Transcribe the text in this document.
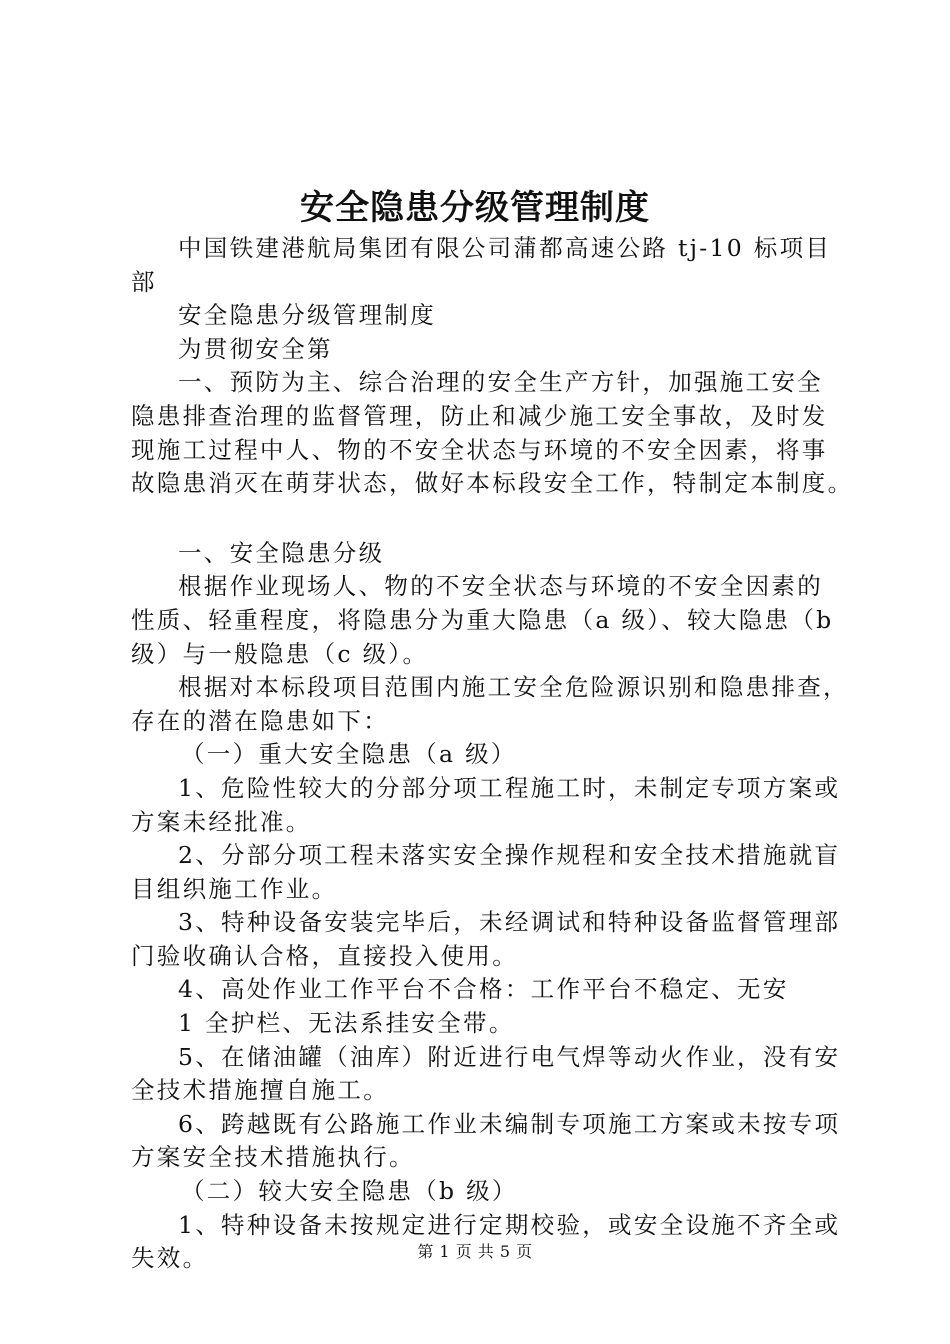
安全隐患分级管理制度

中国铁建港航局集团有限公司蒲都高速公路 tj-10 标项目

部

安全隐患分级管理制度

为贯彻安全第

一、预防为主、综合治理的安全生产方针，加强施工安全

隐患排查治理的监督管理，防止和减少施工安全事故，及时发

现施工过程中人、物的不安全状态与环境的不安全因素，将事

故隐患消灭在萌芽状态，做好本标段安全工作，特制定本制度。

一、安全隐患分级

根据作业现场人、物的不安全状态与环境的不安全因素的

性质、轻重程度，将隐患分为重大隐患（a 级）、较大隐患（b

级）与一般隐患（c 级）。

根据对本标段项目范围内施工安全危险源识别和隐患排查，

存在的潜在隐患如下：

（一）重大安全隐患（a 级）

1、危险性较大的分部分项工程施工时，未制定专项方案或

方案未经批准。

2、分部分项工程未落实安全操作规程和安全技术措施就盲

目组织施工作业。

3、特种设备安装完毕后，未经调试和特种设备监督管理部

门验收确认合格，直接投入使用。

4、高处作业工作平台不合格：工作平台不稳定、无安

1 全护栏、无法系挂安全带。

5、在储油罐（油库）附近进行电气焊等动火作业，没有安

全技术措施擅自施工。

6、跨越既有公路施工作业未编制专项施工方案或未按专项

方案安全技术措施执行。

（二）较大安全隐患（b 级）

1、特种设备未按规定进行定期校验，或安全设施不齐全或

失效。	第 1 页 共 5 页
